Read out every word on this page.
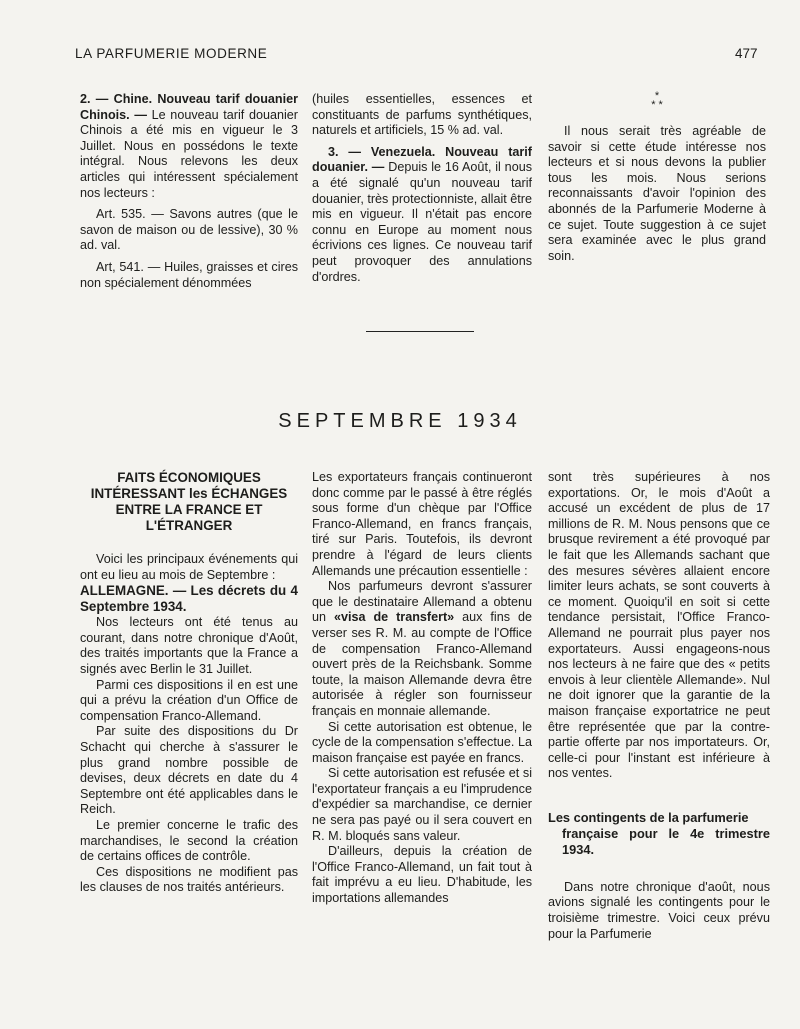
LA PARFUMERIE MODERNE	477

2. — Chine. Nouveau tarif douanier Chinois. — Le nouveau tarif douanier Chinois a été mis en vigueur le 3 Juillet. Nous en possédons le texte intégral. Nous relevons les deux articles qui intéressent spécialement nos lecteurs :

Art. 535. — Savons autres (que le savon de maison ou de lessive), 30 % ad. val.

Art, 541. — Huiles, graisses et cires non spécialement dénommées

(huiles essentielles, essences et constituants de parfums synthétiques, naturels et artificiels, 15 % ad. val.

3. — Venezuela. Nouveau tarif douanier. — Depuis le 16 Août, il nous a été signalé qu'un nouveau tarif douanier, très protectionniste, allait être mis en vigueur. Il n'était pas encore connu en Europe au moment nous écrivions ces lignes. Ce nouveau tarif peut provoquer des annulations d'ordres.

*
* *

Il nous serait très agréable de savoir si cette étude intéresse nos lecteurs et si nous devons la publier tous les mois. Nous serions reconnaissants d'avoir l'opinion des abonnés de la Parfumerie Moderne à ce sujet. Toute suggestion à ce sujet sera examinée avec le plus grand soin.

SEPTEMBRE 1934
FAITS ÉCONOMIQUES INTÉRESSANT les ÉCHANGES ENTRE LA FRANCE ET L'ÉTRANGER

Voici les principaux événements qui ont eu lieu au mois de Septembre :

ALLEMAGNE. — Les décrets du 4 Septembre 1934.

Nos lecteurs ont été tenus au courant, dans notre chronique d'Août, des traités importants que la France a signés avec Berlin le 31 Juillet.

Parmi ces dispositions il en est une qui a prévu la création d'un Office de compensation Franco-Allemand.

Par suite des dispositions du Dr Schacht qui cherche à s'assurer le plus grand nombre possible de devises, deux décrets en date du 4 Septembre ont été applicables dans le Reich.

Le premier concerne le trafic des marchandises, le second la création de certains offices de contrôle.

Ces dispositions ne modifient pas les clauses de nos traités antérieurs.

Les exportateurs français continueront donc comme par le passé à être réglés sous forme d'un chèque par l'Office Franco-Allemand, en francs français, tiré sur Paris. Toutefois, ils devront prendre à l'égard de leurs clients Allemands une précaution essentielle :

Nos parfumeurs devront s'assurer que le destinataire Allemand a obtenu un «visa de transfert» aux fins de verser ses R. M. au compte de l'Office de compensation Franco-Allemand ouvert près de la Reichsbank. Somme toute, la maison Allemande devra être autorisée à régler son fournisseur français en monnaie allemande.

Si cette autorisation est obtenue, le cycle de la compensation s'effectue. La maison française est payée en francs.

Si cette autorisation est refusée et si l'exportateur français a eu l'imprudence d'expédier sa marchandise, ce dernier ne sera pas payé ou il sera couvert en R. M. bloqués sans valeur.

D'ailleurs, depuis la création de l'Office Franco-Allemand, un fait tout à fait imprévu a eu lieu. D'habitude, les importations allemandes

sont très supérieures à nos exportations. Or, le mois d'Août a accusé un excédent de plus de 17 millions de R. M. Nous pensons que ce brusque revirement a été provoqué par le fait que les Allemands sachant que des mesures sévères allaient encore limiter leurs achats, se sont couverts à ce moment. Quoiqu'il en soit si cette tendance persistait, l'Office Franco-Allemand ne pourrait plus payer nos exportateurs. Aussi engageons-nous nos lecteurs à ne faire que des « petits envois à leur clientèle Allemande». Nul ne doit ignorer que la garantie de la maison française exportatrice ne peut être représentée que par la contre-partie offerte par nos importateurs. Or, celle-ci pour l'instant est inférieure à nos ventes.

Les contingents de la parfumerie
française pour le 4e trimestre 1934.

Dans notre chronique d'août, nous avions signalé les contingents pour le troisième trimestre. Voici ceux prévu pour la Parfumerie
